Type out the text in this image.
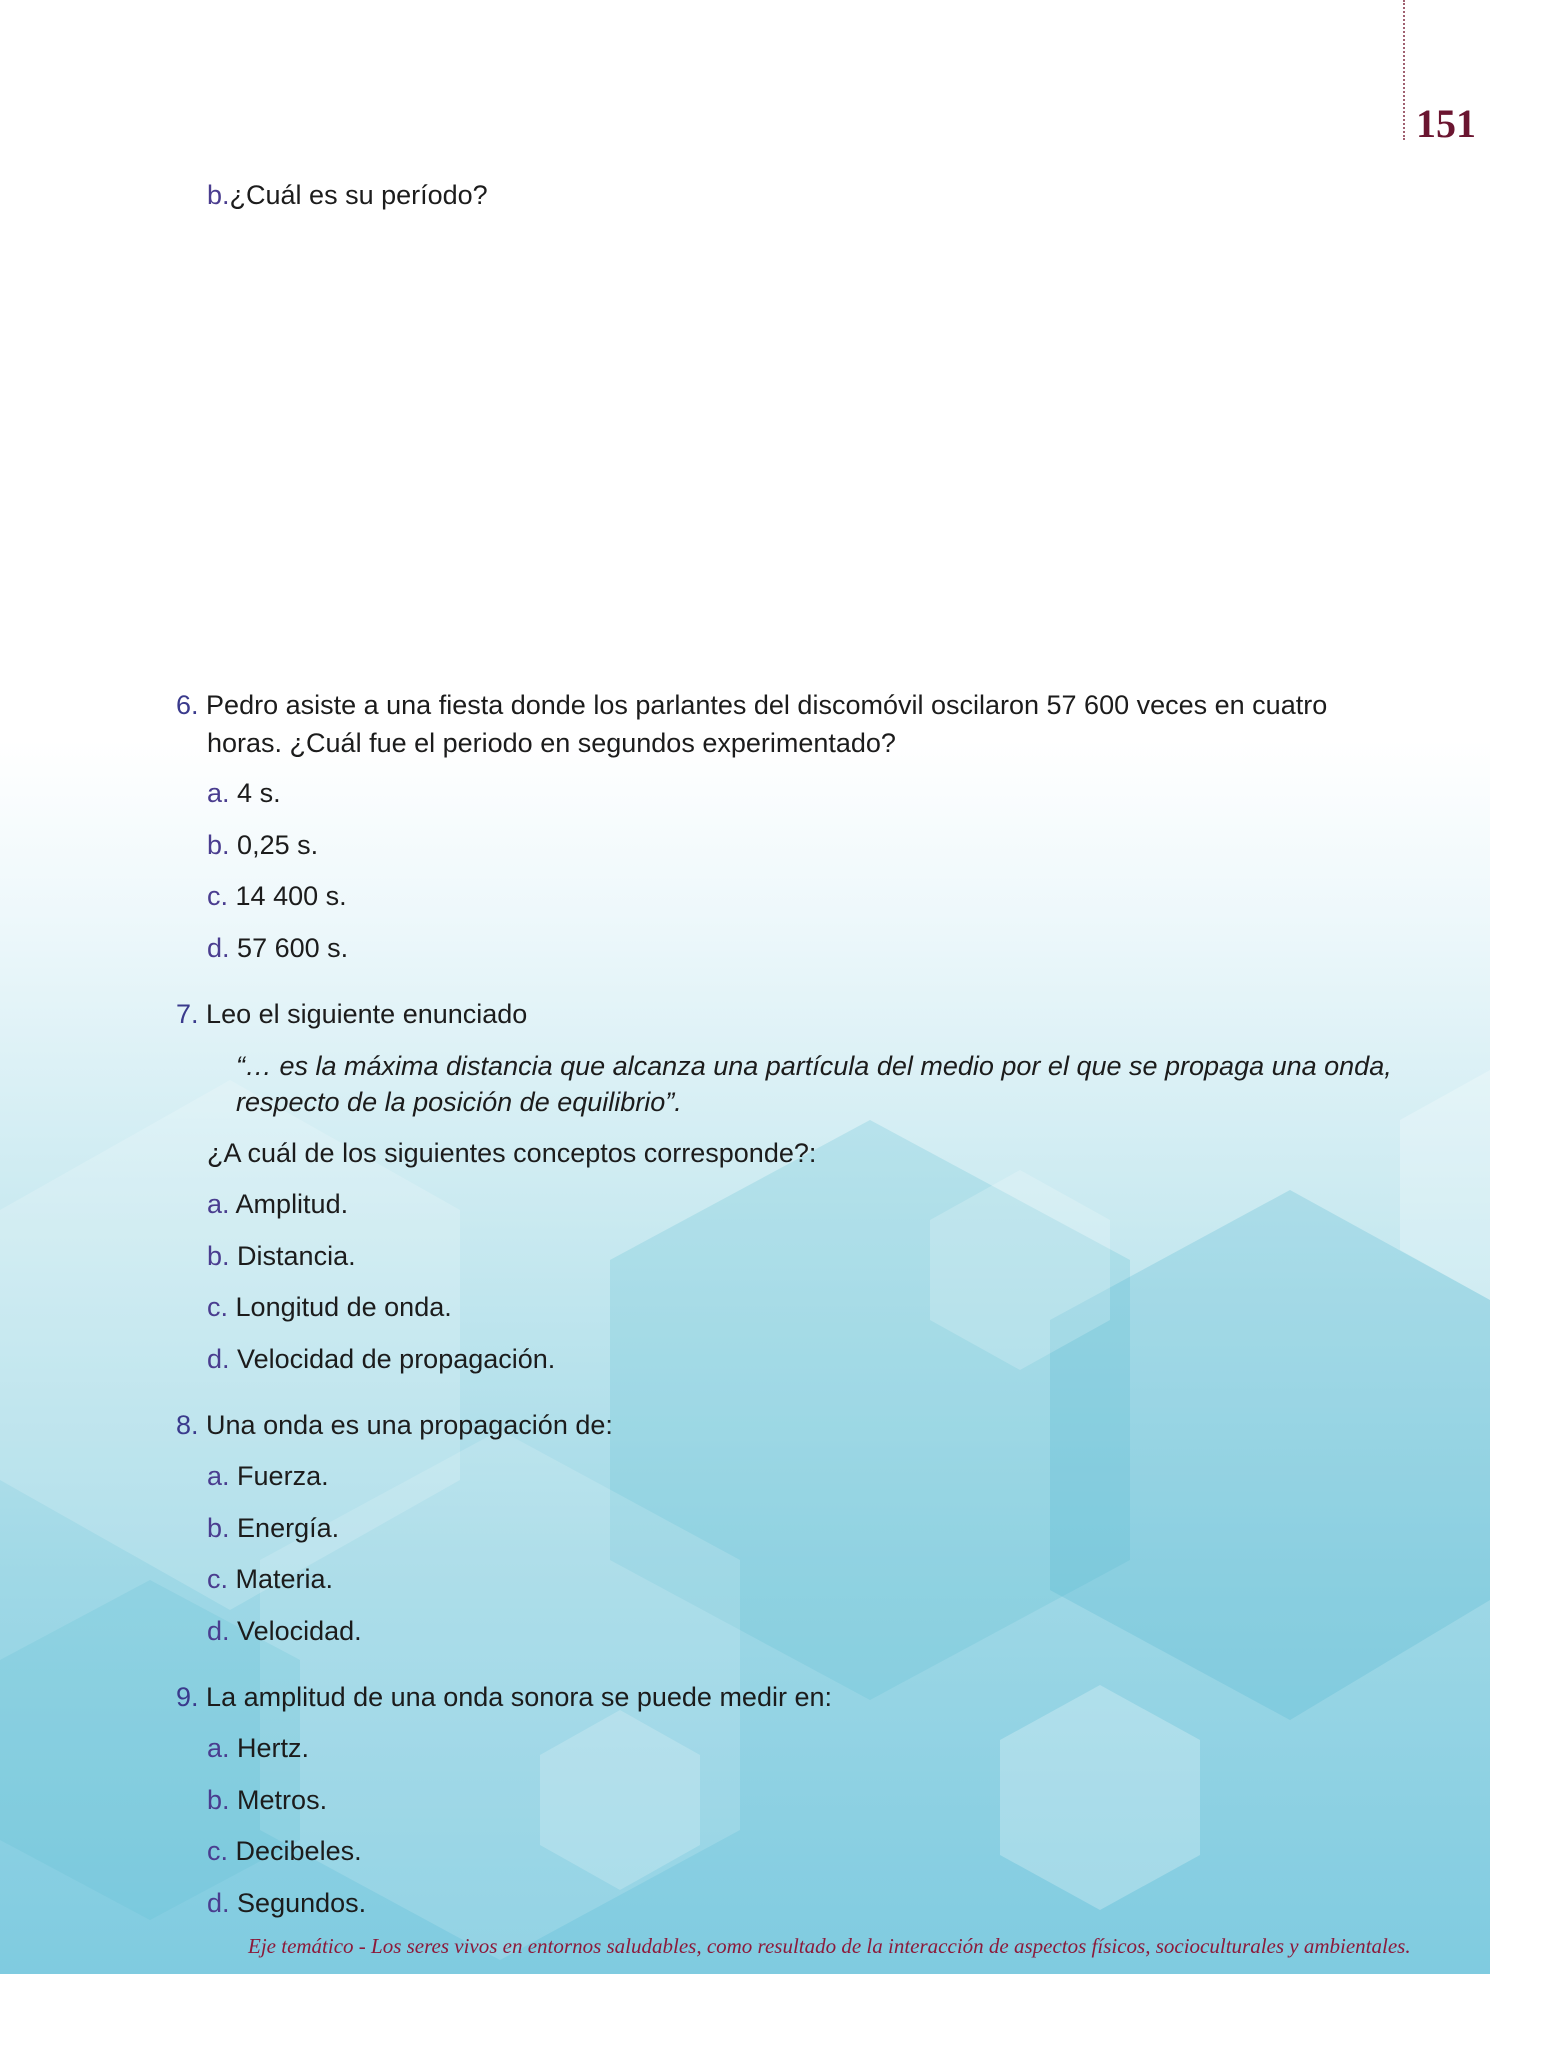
151
b.¿Cuál es su período?
6. Pedro asiste a una fiesta donde los parlantes del discomóvil oscilaron 57 600 veces en cuatro
horas. ¿Cuál fue el periodo en segundos experimentado?
a. 4 s.
b. 0,25 s.
c. 14 400 s.
d. 57 600 s.
7. Leo el siguiente enunciado
“… es la máxima distancia que alcanza una partícula del medio por el que se propaga una onda,
respecto de la posición de equilibrio”.
¿A cuál de los siguientes conceptos corresponde?:
a. Amplitud.
b. Distancia.
c. Longitud de onda.
d. Velocidad de propagación.
8. Una onda es una propagación de:
a. Fuerza.
b. Energía.
c. Materia.
d. Velocidad.
9. La amplitud de una onda sonora se puede medir en:
a. Hertz.
b. Metros.
c. Decibeles.
d. Segundos.
Eje temático - Los seres vivos en entornos saludables, como resultado de la interacción de aspectos físicos, socioculturales y ambientales.
